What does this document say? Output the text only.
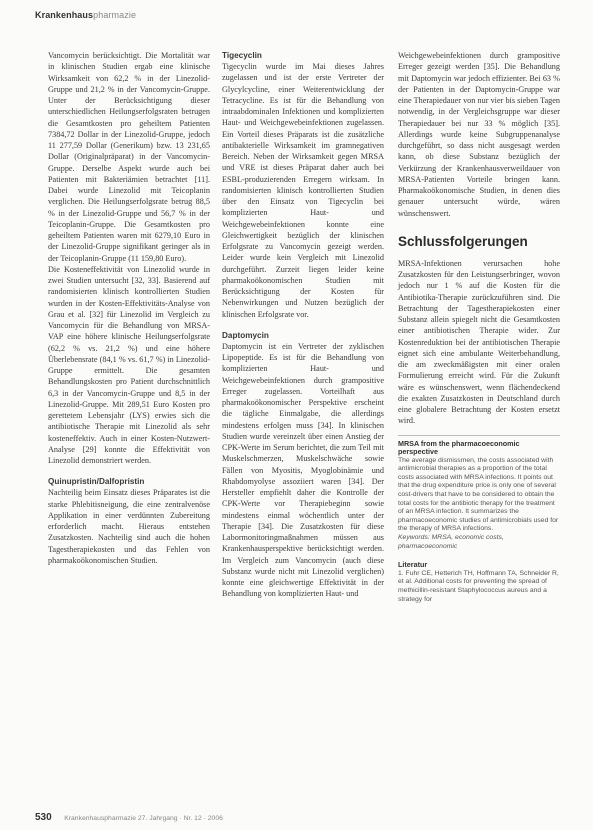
Krankenhauspharmazie

Vancomycin berücksichtigt. Die Mortalität war in klinischen Studien ergab eine klinische Wirksamkeit von 62,2 % in der Linezolid-Gruppe und 21,2 % in der Vancomycin-Gruppe. Unter der Berücksichtigung dieser unterschiedlichen Heilungserfolgsraten betrugen die Gesamtkosten pro geheiltem Patienten 7384,72 Dollar in der Linezolid-Gruppe, jedoch 11 277,59 Dollar (Generikum) bzw. 13 231,65 Dollar (Originalpräparat) in der Vancomycin-Gruppe. Derselbe Aspekt wurde auch bei Patienten mit Bakteriämien betrachtet [11]. Dabei wurde Linezolid mit Teicoplanin verglichen. Die Heilungserfolgsrate betrug 88,5 % in der Linezolid-Gruppe und 56,7 % in der Teicoplanin-Gruppe. Die Gesamtkosten pro geheiltem Patienten waren mit 6279,10 Euro in der Linezolid-Gruppe signifikant geringer als in der Teicoplanin-Gruppe (11 159,80 Euro).

Die Kosteneffektivität von Linezolid wurde in zwei Studien untersucht [32, 33]. Basierend auf randomisierten klinisch kontrollierten Studien wurden in der Kosten-Effektivitäts-Analyse von Grau et al. [32] für Linezolid im Vergleich zu Vancomycin für die Behandlung von MRSA-VAP eine höhere klinische Heilungserfolgsrate (62,2 % vs. 21,2 %) und eine höhere Überlebensrate (84,1 % vs. 61,7 %) in Linezolid-Gruppe ermittelt. Die gesamten Behandlungskosten pro Patient durchschnittlich 6,3 in der Vancomycin-Gruppe und 8,5 in der Linezolid-Gruppe. Mit 289,51 Euro Kosten pro gerettetem Lebensjahr (LYS) erwies sich die antibiotische Therapie mit Linezolid als sehr kosteneffektiv. Auch in einer Kosten-Nutzwert-Analyse [29] konnte die Effektivität von Linezolid demonstriert werden.

Quinupristin/Dalfopristin

Nachteilig beim Einsatz dieses Präparates ist die starke Phlebitisneigung, die eine zentralvenöse Applikation in einer verdünnten Zubereitung erforderlich macht. Hieraus entstehen Zusatzkosten. Nachteilig sind auch die hohen Tagestherapiekosten und das Fehlen von pharmakoökonomischen Studien.

Tigecyclin

Tigecyclin wurde im Mai dieses Jahres zugelassen und ist der erste Vertreter der Glycylcycline, einer Weiterentwicklung der Tetracycline. Es ist für die Behandlung von intraabdominalen Infektionen und komplizierten Haut- und Weichgewebeinfektionen zugelassen. Ein Vorteil dieses Präparats ist die zusätzliche antibakterielle Wirksamkeit im gramnegativen Bereich. Neben der Wirksamkeit gegen MRSA und VRE ist dieses Präparat daher auch bei ESBL-produzierenden Erregern wirksam. In randomisierten klinisch kontrollierten Studien über den Einsatz von Tigecyclin bei komplizierten Haut- und Weichgewebeinfektionen konnte eine Gleichwertigkeit bezüglich der klinischen Erfolgsrate zu Vancomycin gezeigt werden. Leider wurde kein Vergleich mit Linezolid durchgeführt. Zurzeit liegen leider keine pharmakoökonomischen Studien mit Berücksichtigung der Kosten für Nebenwirkungen und Nutzen bezüglich der klinischen Erfolgsrate vor.

Daptomycin

Daptomycin ist ein Vertreter der zyklischen Lipopeptide. Es ist für die Behandlung von komplizierten Haut- und Weichgewebeinfektionen durch grampositive Erreger zugelassen. Vorteilhaft aus pharmakoökonomischer Perspektive erscheint die tägliche Einmalgabe, die allerdings mindestens erfolgen muss [34]. In klinischen Studien wurde vereinzelt über einen Anstieg der CPK-Werte im Serum berichtet, die zum Teil mit Muskelschmerzen, Muskelschwäche sowie Fällen von Myositis, Myoglobinämie und Rhabdomyolyse assoziiert waren [34]. Der Hersteller empfiehlt daher die Kontrolle der CPK-Werte vor Therapiebeginn sowie mindestens einmal wöchentlich unter der Therapie [34]. Die Zusatzkosten für diese Labormonitoringmaßnahmen müssen aus Krankenhausperspektive berücksichtigt werden. Im Vergleich zum Vancomycin (auch diese Substanz wurde nicht mit Linezolid verglichen) konnte eine gleichwertige Effektivität in der Behandlung von komplizierten Haut- und

Weichgewebeinfektionen durch grampositive Erreger gezeigt werden [35]. Die Behandlung mit Daptomycin war jedoch effizienter. Bei 63 % der Patienten in der Daptomycin-Gruppe war eine Therapiedauer von nur vier bis sieben Tagen notwendig, in der Vergleichsgruppe war dieser Therapiedauer bei nur 33 % möglich [35]. Allerdings wurde keine Subgruppenanalyse durchgeführt, so dass nicht ausgesagt werden kann, ob diese Substanz bezüglich der Verkürzung der Krankenhausverweildauer von MRSA-Patienten Vorteile bringen kann. Pharmakoökonomische Studien, in denen dies genauer untersucht würde, wären wünschenswert.

Schlussfolgerungen

MRSA-Infektionen verursachen hohe Zusatzkosten für den Leistungserbringer, wovon jedoch nur 1 % auf die Kosten für die Antibiotika-Therapie zurückzuführen sind. Die Betrachtung der Tagestherapiekosten einer Substanz allein spiegelt nicht die Gesamtkosten einer antibiotischen Therapie wider. Zur Kostenreduktion bei der antibiotischen Therapie eignet sich eine ambulante Weiterbehandlung, die am zweckmäßigsten mit einer oralen Formulierung erreicht wird. Für die Zukunft wäre es wünschenswert, wenn flächendeckend die exakten Zusatzkosten in Deutschland durch eine globalere Betrachtung der Kosten ersetzt wird.

MRSA from the pharmacoeconomic perspective
The average dismissmen, the costs associated with antimicrobial therapies as a proportion of the total costs associated with MRSA infections. It points out that the drug expenditure price is only one of several cost-drivers that have to be considered to obtain the total costs for the antibiotic therapy for the treatment of an MRSA infection. It summarizes the pharmacoeconomic studies of antimicrobials used for the therapy of MRSA infections.
Keywords: MRSA, economic costs, pharmacoeconomic
Literatur
1. Fuhr CE, Hetterich TH, Hoffmann TA, Schneider R, et al. Additional costs for preventing the spread of methicillin-resistant Staphylococcus aureus and a strategy for
530 Krankenhauspharmazie 27. Jahrgang · Nr. 12 · 2006
